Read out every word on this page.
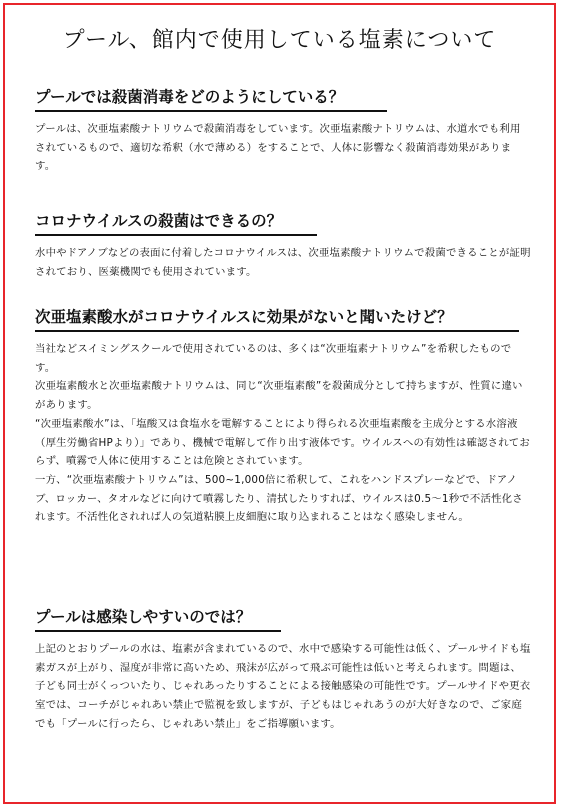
プール、館内で使用している塩素について
プールでは殺菌消毒をどのようにしている？

プールは、次亜塩素酸ナトリウムで殺菌消毒をしています。次亜塩素酸ナトリウムは、水道水でも利用されているもので、適切な希釈（水で薄める）をすることで、人体に影響なく殺菌消毒効果があります。

コロナウイルスの殺菌はできるの？

水中やドアノブなどの表面に付着したコロナウイルスは、次亜塩素酸ナトリウムで殺菌できることが証明されており、医薬機関でも使用されています。

次亜塩素酸水がコロナウイルスに効果がないと聞いたけど？

当社などスイミングスクールで使用されているのは、多くは“次亜塩素ナトリウム”を希釈したものです。

次亜塩素酸水と次亜塩素酸ナトリウムは、同じ“次亜塩素酸”を殺菌成分として持ちますが、性質に違いがあります。

“次亜塩素酸水”は、「塩酸又は食塩水を電解することにより得られる次亜塩素酸を主成分とする水溶液（厚生労働省HPより）」であり、機械で電解して作り出す液体です。ウイルスへの有効性は確認されておらず、噴霧で人体に使用することは危険とされています。

一方、“次亜塩素酸ナトリウム”は、500~1,000倍に希釈して、これをハンドスプレーなどで、ドアノブ、ロッカー、タオルなどに向けて噴霧したり、清拭したりすれば、ウイルスは0.5～1秒で不活性化されます。不活性化されれば人の気道粘膜上皮細胞に取り込まれることはなく感染しません。

プールは感染しやすいのでは？

上記のとおりプールの水は、塩素が含まれているので、水中で感染する可能性は低く、プールサイドも塩素ガスが上がり、湿度が非常に高いため、飛沫が広がって飛ぶ可能性は低いと考えられます。問題は、子ども同士がくっついたり、じゃれあったりすることによる接触感染の可能性です。プールサイドや更衣室では、コーチがじゃれあい禁止で監視を致しますが、子どもはじゃれあうのが大好きなので、ご家庭でも「プールに行ったら、じゃれあい禁止」をご指導願います。
